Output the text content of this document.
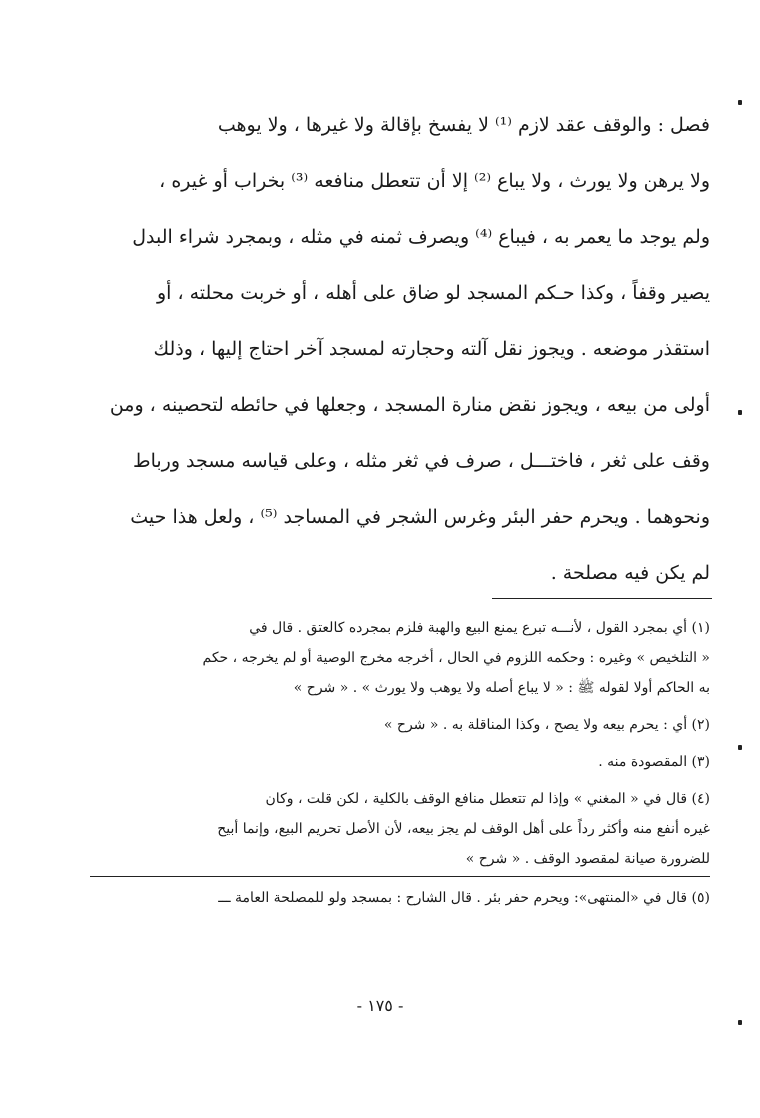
فصل : والوقف عقد لازم ⁽¹⁾ لا يفسخ بإقالة ولا غيرها ، ولا يوهب
ولا يرهن ولا يورث ، ولا يباع ⁽²⁾ إلا أن تتعطل منافعه ⁽³⁾ بخراب أو غيره ،
ولم يوجد ما يعمر به ، فيباع ⁽⁴⁾ ويصرف ثمنه في مثله ، وبمجرد شراء البدل
يصير وقفاً ، وكذا حـكم المسجد لو ضاق على أهله ، أو خربت محلته ، أو
استقذر موضعه . ويجوز نقل آلته وحجارته لمسجد آخر احتاج إليها ، وذلك
أولى من بيعه ، ويجوز نقض منارة المسجد ، وجعلها في حائطه لتحصينه ، ومن
وقف على ثغر ، فاختـــل ، صرف في ثغر مثله ، وعلى قياسه مسجد ورباط
ونحوهما . ويحرم حفر البئر وغرس الشجر في المساجد ⁽⁵⁾ ، ولعل هذا حيث
لم يكن فيه مصلحة .
(١) أي بمجرد القول ، لأنـــه تبرع يمنع البيع والهبة فلزم بمجرده كالعتق . قال في
« التلخيص » وغيره : وحكمه اللزوم في الحال ، أخرجه مخرج الوصية أو لم يخرجه ، حكم
به الحاكم أولا لقوله ﷺ : « لا يباع أصله ولا يوهب ولا يورث » . « شرح »
(٢) أي : يحرم بيعه ولا يصح ، وكذا المناقلة به . « شرح »
(٣) المقصودة منه .
(٤) قال في « المغني » وإذا لم تتعطل منافع الوقف بالكلية ، لكن قلت ، وكان
غيره أنفع منه وأكثر رداً على أهل الوقف لم يجز بيعه، لأن الأصل تحريم البيع، وإنما أبيح
للضرورة صيانة لمقصود الوقف . « شرح »
(٥) قال في «المنتهى»: ويحرم حفر بئر . قال الشارح : بمسجد ولو للمصلحة العامة ـــ
- ١٧٥ -
